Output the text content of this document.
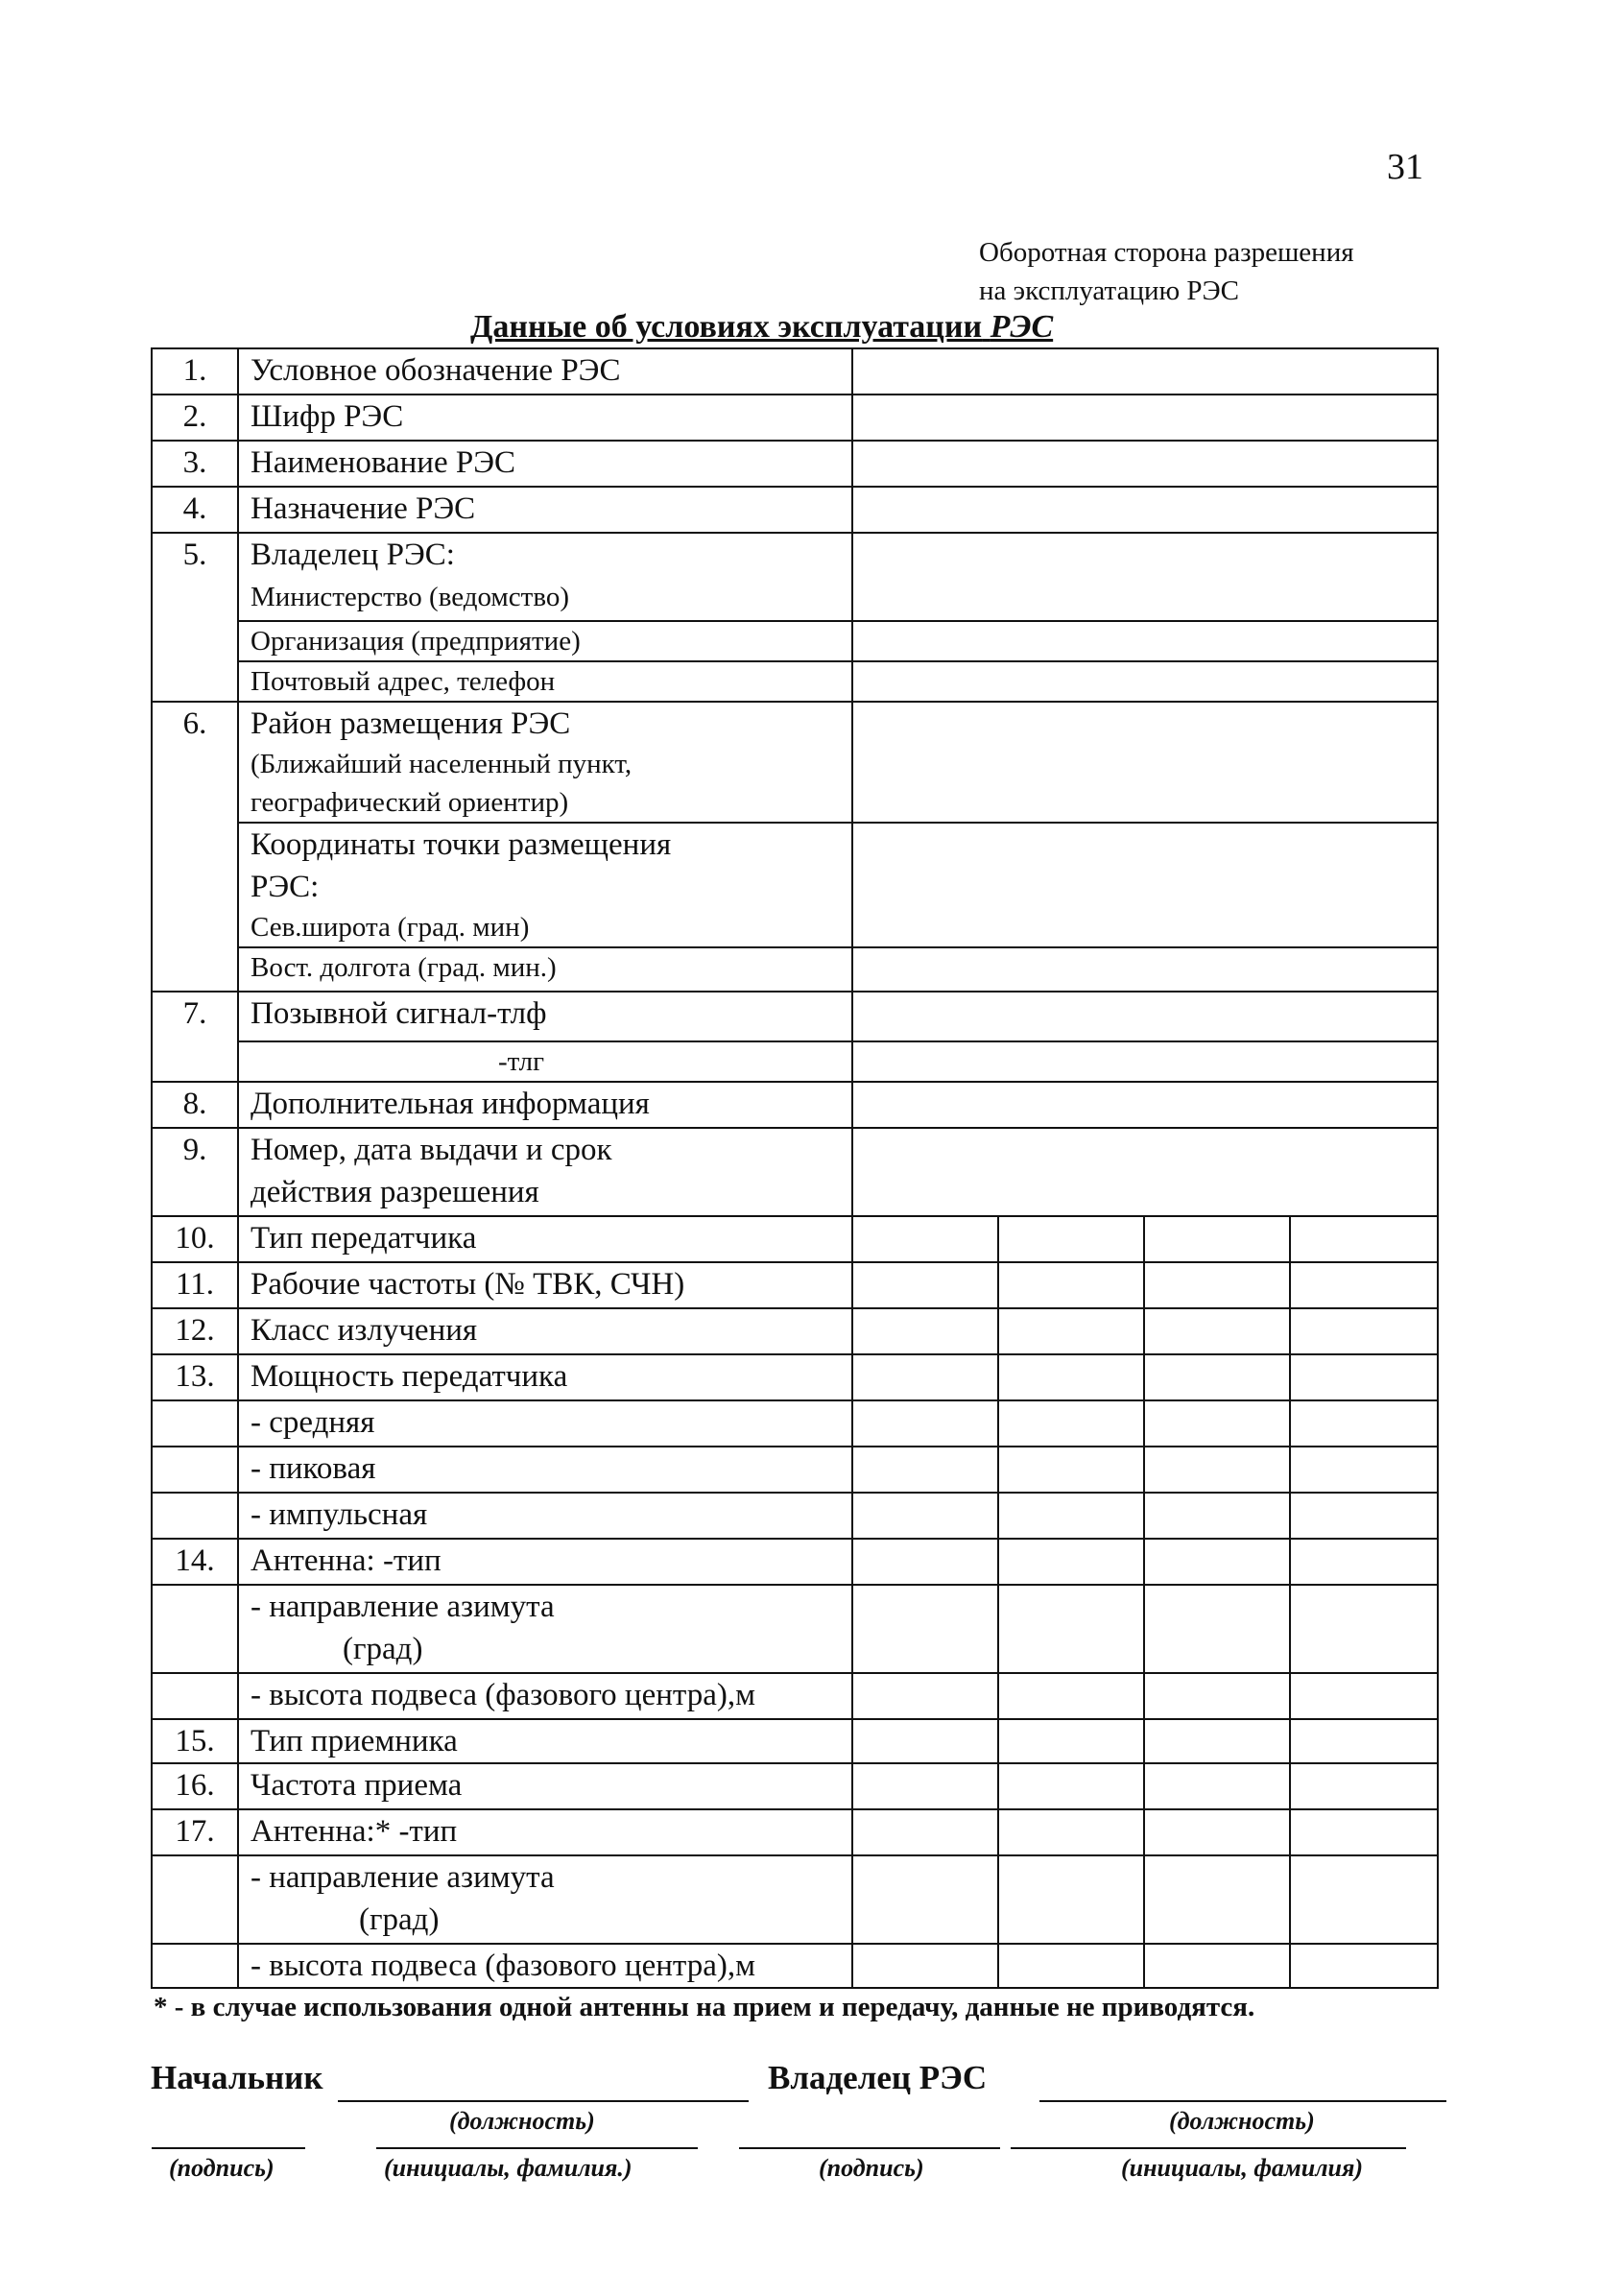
31
Оборотная сторона разрешения
на эксплуатацию РЭС
Данные об условиях эксплуатации РЭС
1.	Условное обозначение РЭС				
2.	Шифр РЭС				
3.	Наименование РЭС				
4.	Назначение РЭС				
5.	Владелец РЭС:
Министерство (ведомство)				

	Организация (предприятие)				
	Почтовый адрес, телефон				
6.	Район размещения РЭС
(Ближайший населенный пункт,
географический ориентир)				

	Координаты точки размещения
РЭС:
Сев.широта (град. мин)				

	Вост. долгота (град. мин.)				
7.	Позывной сигнал-тлф				
	-тлг				
8.	Дополнительная информация				
9.	Номер, дата выдачи и срок
действия разрешения				

10.	Тип передатчика				
11.	Рабочие частоты (№ ТВК, СЧН)				
12.	Класс излучения				
13.	Мощность передатчика				
	- средняя				
	- пиковая				
	- импульсная				
14.	Антенна: -тип				

	- направление азимута
(град)				

	- высота подвеса (фазового центра),м				
15.	Тип приемника				
16.	Частота приема				
17.	Антенна:* -тип				

	- направление азимута
(град)				

	- высота подвеса (фазового центра),м				
* - в случае использования одной антенны на прием и передачу, данные не приводятся.
Начальник
(должность)
Владелец РЭС
(должность)
(подпись)	(инициалы, фамилия.)	(подпись)	(инициалы, фамилия)
